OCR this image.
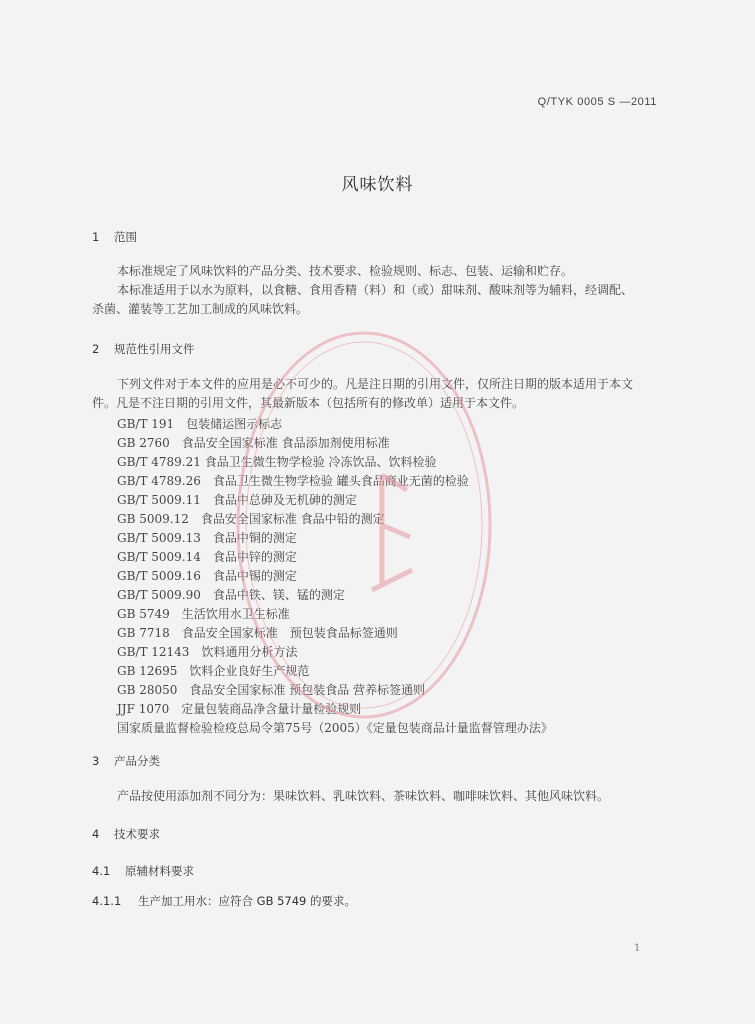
Q/TYK 0005 S —2011
风味饮料
1 范围
本标准规定了风味饮料的产品分类、技术要求、检验规则、标志、包装、运输和贮存。
本标准适用于以水为原料，以食糖、食用香精（料）和（或）甜味剂、酸味剂等为辅料，经调配、
杀菌、灌装等工艺加工制成的风味饮料。
2 规范性引用文件
下列文件对于本文件的应用是必不可少的。凡是注日期的引用文件，仅所注日期的版本适用于本文
件。凡是不注日期的引用文件，其最新版本（包括所有的修改单）适用于本文件。
GB/T 191　包装储运图示标志
GB 2760　食品安全国家标准 食品添加剂使用标准
GB/T 4789.21 食品卫生微生物学检验 冷冻饮品、饮料检验
GB/T 4789.26　食品卫生微生物学检验 罐头食品商业无菌的检验
GB/T 5009.11　食品中总砷及无机砷的测定
GB 5009.12　食品安全国家标准 食品中铅的测定
GB/T 5009.13　食品中铜的测定
GB/T 5009.14　食品中锌的测定
GB/T 5009.16　食品中锡的测定
GB/T 5009.90　食品中铁、镁、锰的测定
GB 5749　生活饮用水卫生标准
GB 7718　食品安全国家标准　预包装食品标签通则
GB/T 12143　饮料通用分析方法
GB 12695　饮料企业良好生产规范
GB 28050　食品安全国家标准 预包装食品 营养标签通则
JJF 1070　定量包装商品净含量计量检验规则
国家质量监督检验检疫总局令第75号（2005）《定量包装商品计量监督管理办法》
3 产品分类
产品按使用添加剂不同分为：果味饮料、乳味饮料、茶味饮料、咖啡味饮料、其他风味饮料。
4 技术要求
4.1 原辅材料要求
4.1.1 生产加工用水：应符合 GB 5749 的要求。
1
